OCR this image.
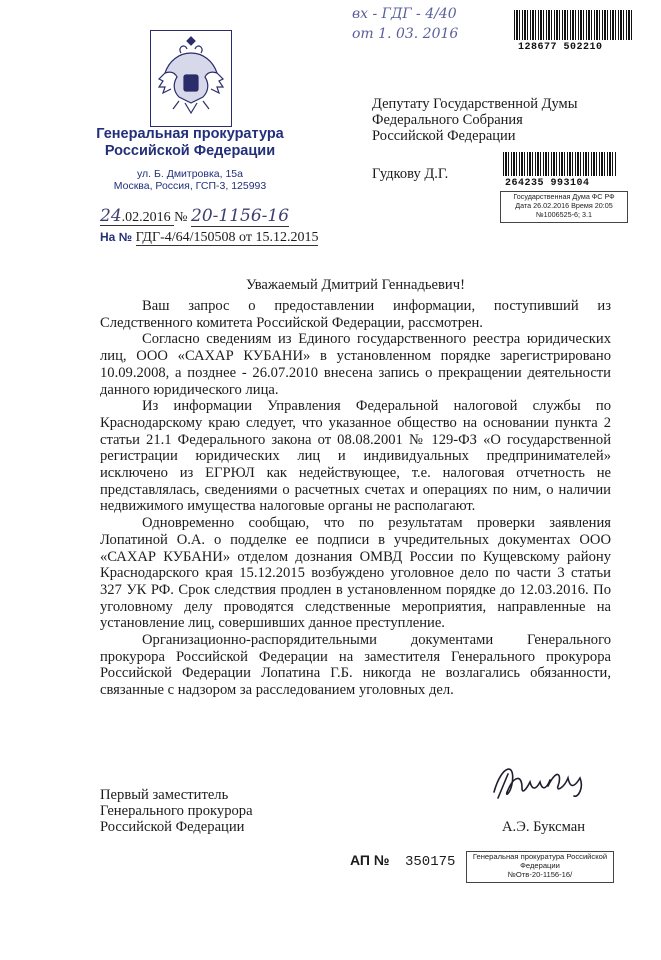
вх - ГДГ - 4/40
от 1. 03. 2016
128677 502210
Генеральная прокуратура
Российской Федерации
ул. Б. Дмитровка, 15а
Москва, Россия, ГСП-3, 125993
24.02.2016 № 20-1156-16
На № ГДГ-4/64/150508 от 15.12.2015
Депутату Государственной Думы
Федерального Собрания
Российской Федерации
Гудкову Д.Г.
264235 993104
Государственная Дума ФС РФ
Дата 26.02.2016 Время 20:05
№1006525-6; 3.1
Уважаемый Дмитрий Геннадьевич!

Ваш запрос о предоставлении информации, поступивший из Следственного комитета Российской Федерации, рассмотрен.

Согласно сведениям из Единого государственного реестра юридических лиц, ООО «САХАР КУБАНИ» в установленном порядке зарегистрировано 10.09.2008, а позднее - 26.07.2010 внесена запись о прекращении деятельности данного юридического лица.

Из информации Управления Федеральной налоговой службы по Краснодарскому краю следует, что указанное общество на основании пункта 2 статьи 21.1 Федерального закона от 08.08.2001 № 129-ФЗ «О государственной регистрации юридических лиц и индивидуальных предпринимателей» исключено из ЕГРЮЛ как недействующее, т.е. налоговая отчетность не представлялась, сведениями о расчетных счетах и операциях по ним, о наличии недвижимого имущества налоговые органы не располагают.

Одновременно сообщаю, что по результатам проверки заявления Лопатиной О.А. о подделке ее подписи в учредительных документах ООО «САХАР КУБАНИ» отделом дознания ОМВД России по Кущевскому району Краснодарского края 15.12.2015 возбуждено уголовное дело по части 3 статьи 327 УК РФ. Срок следствия продлен в установленном порядке до 12.03.2016. По уголовному делу проводятся следственные мероприятия, направленные на установление лиц, совершивших данное преступление.

Организационно-распорядительными документами Генерального прокурора Российской Федерации на заместителя Генерального прокурора Российской Федерации Лопатина Г.Б. никогда не возлагались обязанности, связанные с надзором за расследованием уголовных дел.

Первый заместитель
Генерального прокурора
Российской Федерации	А.Э. Буксман
АП № 350175	Генеральная прокуратура Российской
Федерации
№Отв-20-1156-16/
